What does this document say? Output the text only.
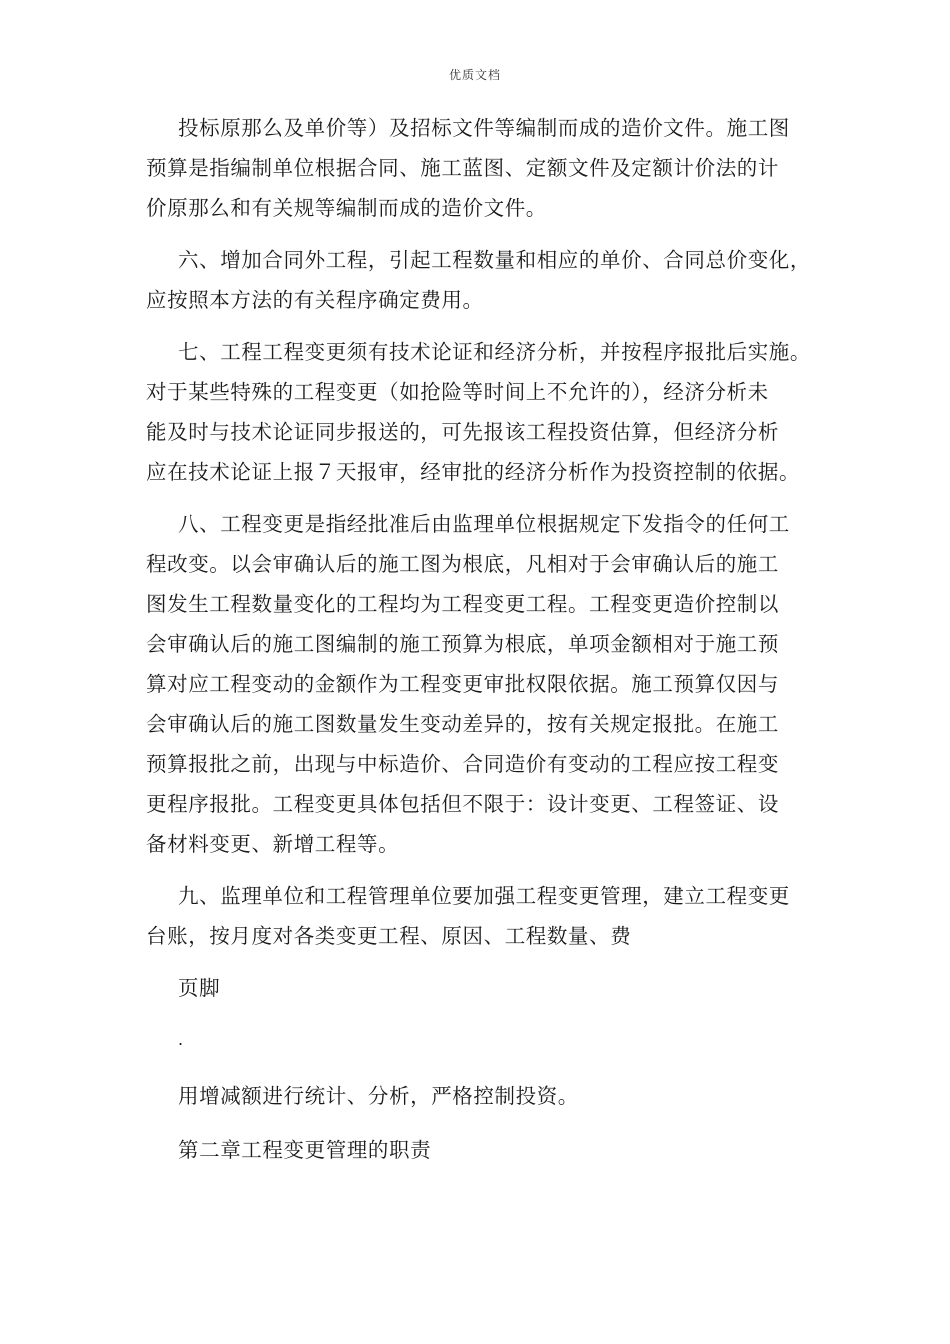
优质文档
投标原那么及单价等）及招标文件等编制而成的造价文件。施工图
预算是指编制单位根据合同、施工蓝图、定额文件及定额计价法的计
价原那么和有关规等编制而成的造价文件。
六、增加合同外工程，引起工程数量和相应的单价、合同总价变化，
应按照本方法的有关程序确定费用。
七、工程工程变更须有技术论证和经济分析，并按程序报批后实施。
对于某些特殊的工程变更（如抢险等时间上不允许的），经济分析未
能及时与技术论证同步报送的，可先报该工程投资估算，但经济分析
应在技术论证上报７天报审，经审批的经济分析作为投资控制的依据。
八、工程变更是指经批准后由监理单位根据规定下发指令的任何工
程改变。以会审确认后的施工图为根底，凡相对于会审确认后的施工
图发生工程数量变化的工程均为工程变更工程。工程变更造价控制以
会审确认后的施工图编制的施工预算为根底，单项金额相对于施工预
算对应工程变动的金额作为工程变更审批权限依据。施工预算仅因与
会审确认后的施工图数量发生变动差异的，按有关规定报批。在施工
预算报批之前，出现与中标造价、合同造价有变动的工程应按工程变
更程序报批。工程变更具体包括但不限于：设计变更、工程签证、设
备材料变更、新增工程等。
九、监理单位和工程管理单位要加强工程变更管理，建立工程变更
台账，按月度对各类变更工程、原因、工程数量、费
页脚
.
用增减额进行统计、分析，严格控制投资。
第二章工程变更管理的职责
